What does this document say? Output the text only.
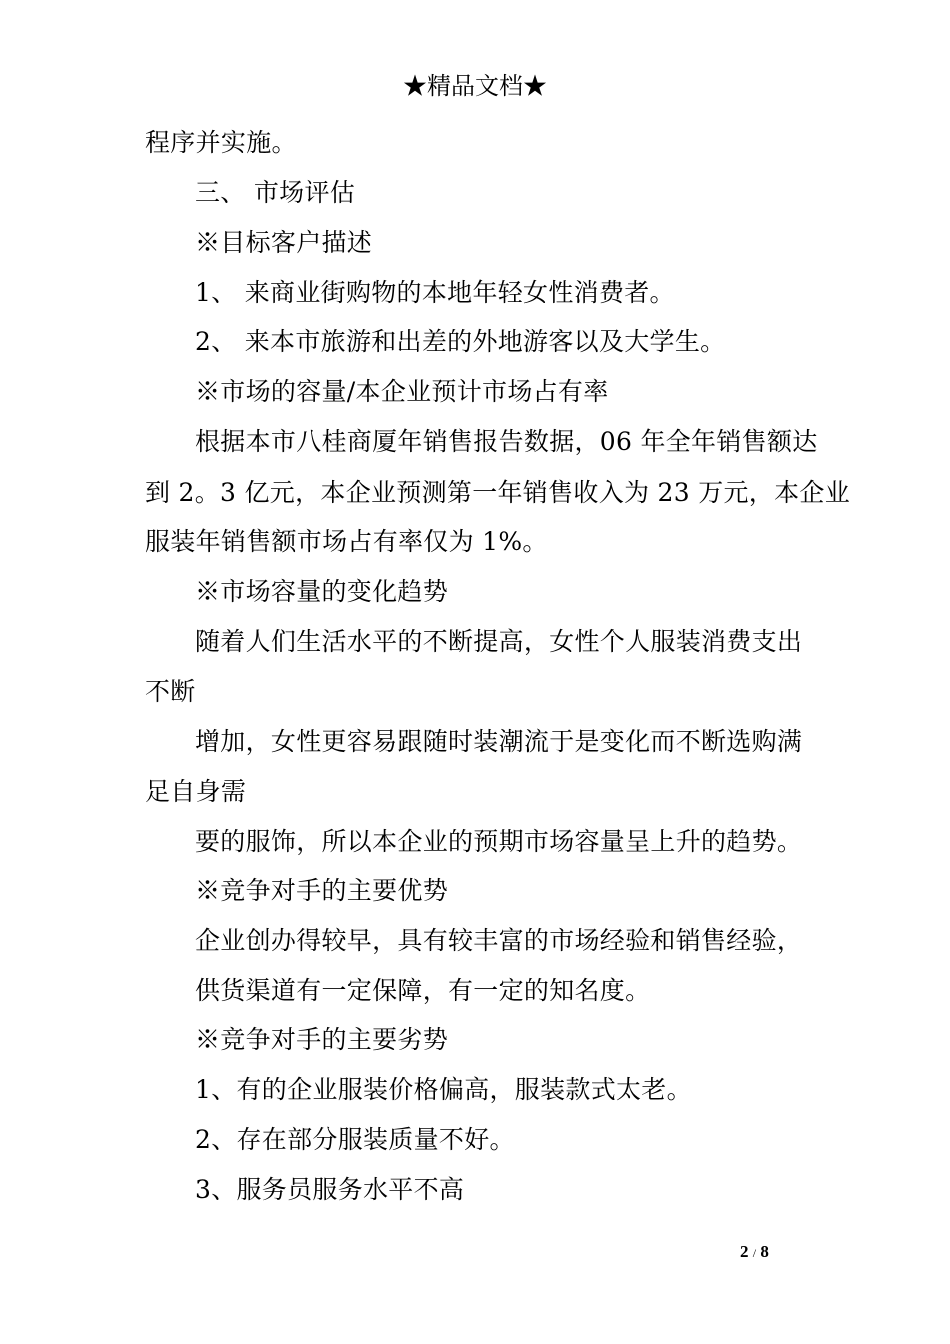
★精品文档★
程序并实施。
三、 市场评估
※目标客户描述
1、 来商业街购物的本地年轻女性消费者。
2、 来本市旅游和出差的外地游客以及大学生。
※市场的容量/本企业预计市场占有率
根据本市八桂商厦年销售报告数据，06 年全年销售额达
到 2。3 亿元，本企业预测第一年销售收入为 23 万元，本企业
服装年销售额市场占有率仅为 1%。
※市场容量的变化趋势
随着人们生活水平的不断提高，女性个人服装消费支出
不断
增加，女性更容易跟随时装潮流于是变化而不断选购满
足自身需
要的服饰，所以本企业的预期市场容量呈上升的趋势。
※竞争对手的主要优势
企业创办得较早，具有较丰富的市场经验和销售经验，
供货渠道有一定保障，有一定的知名度。
※竞争对手的主要劣势
1、有的企业服装价格偏高，服装款式太老。
2、存在部分服装质量不好。
3、服务员服务水平不高
2 / 8
